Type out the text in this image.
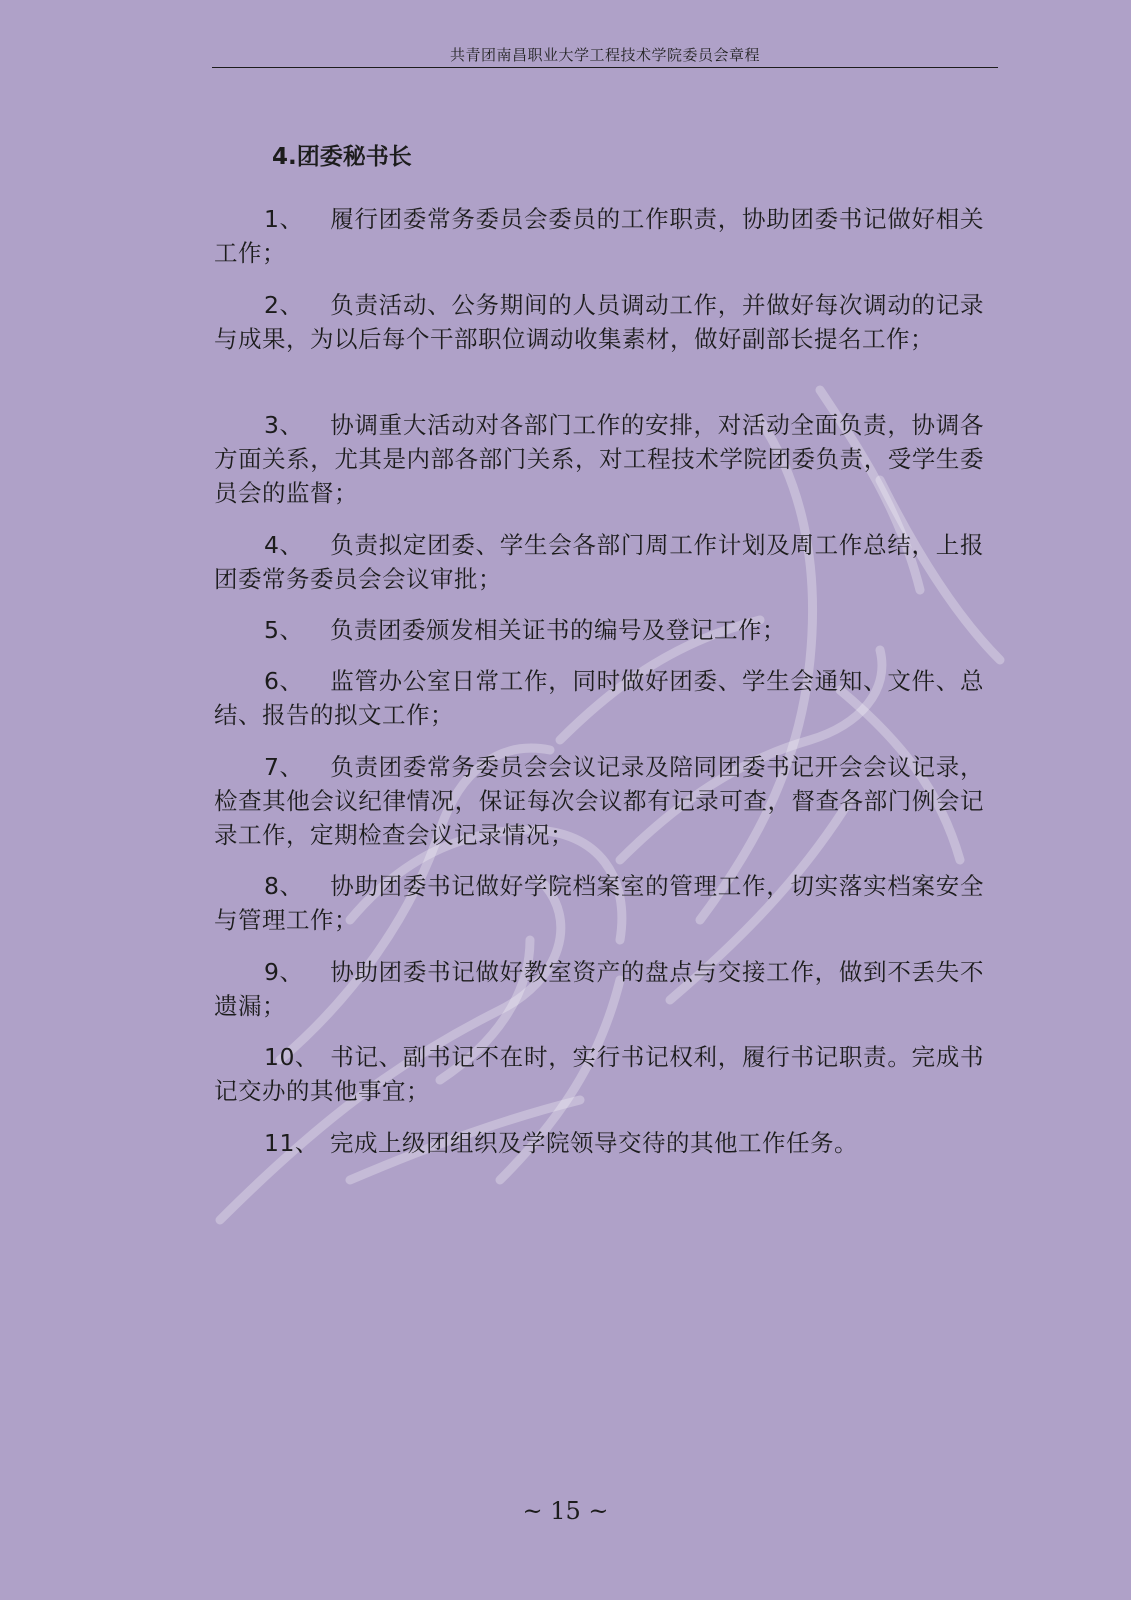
共青团南昌职业大学工程技术学院委员会章程
4.团委秘书长

1、 履行团委常务委员会委员的工作职责，协助团委书记做好相关工作；

2、 负责活动、公务期间的人员调动工作，并做好每次调动的记录与成果，为以后每个干部职位调动收集素材，做好副部长提名工作；

3、 协调重大活动对各部门工作的安排，对活动全面负责，协调各方面关系，尤其是内部各部门关系，对工程技术学院团委负责，受学生委员会的监督；

4、 负责拟定团委、学生会各部门周工作计划及周工作总结，上报团委常务委员会会议审批；

5、 负责团委颁发相关证书的编号及登记工作；

6、 监管办公室日常工作，同时做好团委、学生会通知、文件、总结、报告的拟文工作；

7、 负责团委常务委员会会议记录及陪同团委书记开会会议记录，检查其他会议纪律情况，保证每次会议都有记录可查，督查各部门例会记录工作，定期检查会议记录情况；

8、 协助团委书记做好学院档案室的管理工作，切实落实档案安全与管理工作；

9、 协助团委书记做好教室资产的盘点与交接工作，做到不丢失不遗漏；

10、 书记、副书记不在时，实行书记权利，履行书记职责。完成书记交办的其他事宜；

11、 完成上级团组织及学院领导交待的其他工作任务。

~ 15 ~
